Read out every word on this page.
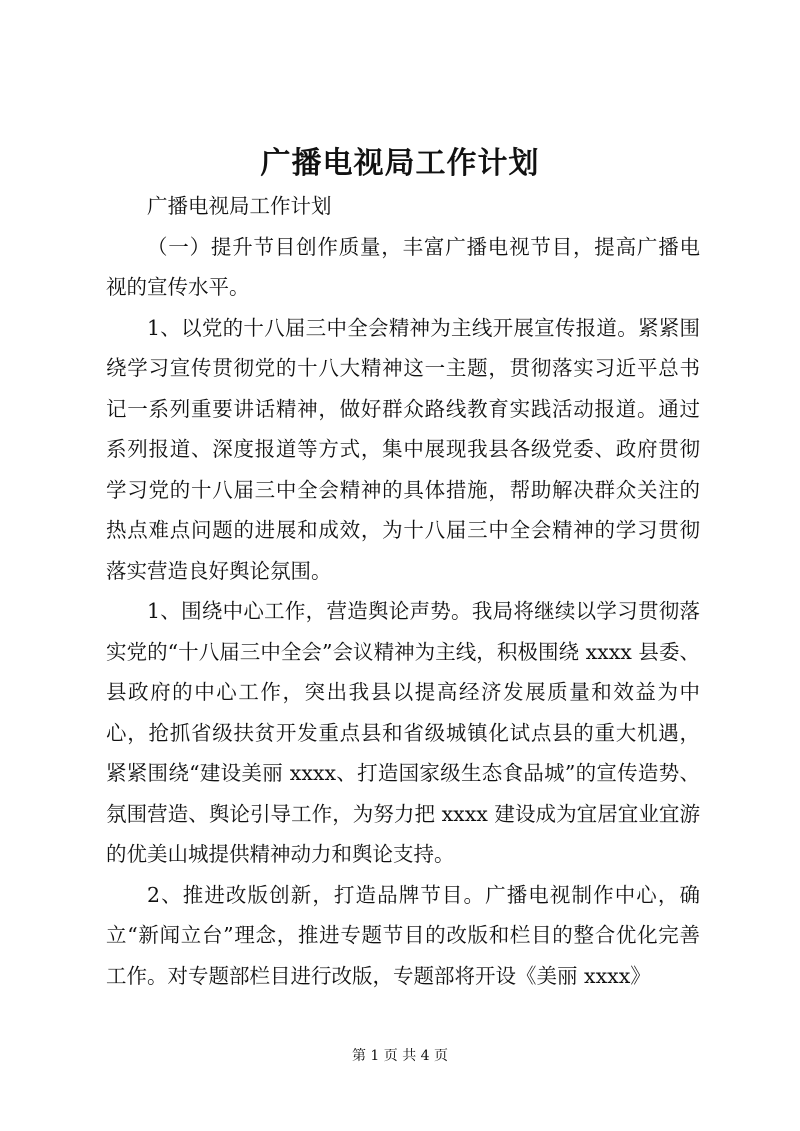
广播电视局工作计划

广播电视局工作计划

（一）提升节目创作质量，丰富广播电视节目，提高广播电视的宣传水平。

1、以党的十八届三中全会精神为主线开展宣传报道。紧紧围绕学习宣传贯彻党的十八大精神这一主题，贯彻落实习近平总书记一系列重要讲话精神，做好群众路线教育实践活动报道。通过系列报道、深度报道等方式，集中展现我县各级党委、政府贯彻学习党的十八届三中全会精神的具体措施，帮助解决群众关注的热点难点问题的进展和成效，为十八届三中全会精神的学习贯彻落实营造良好舆论氛围。

1、围绕中心工作，营造舆论声势。我局将继续以学习贯彻落实党的“十八届三中全会”会议精神为主线，积极围绕 xxxx 县委、县政府的中心工作，突出我县以提高经济发展质量和效益为中心，抢抓省级扶贫开发重点县和省级城镇化试点县的重大机遇，紧紧围绕“建设美丽 xxxx、打造国家级生态食品城”的宣传造势、氛围营造、舆论引导工作，为努力把 xxxx 建设成为宜居宜业宜游的优美山城提供精神动力和舆论支持。

2、推进改版创新，打造品牌节目。广播电视制作中心，确立“新闻立台”理念，推进专题节目的改版和栏目的整合优化完善工作。对专题部栏目进行改版，专题部将开设《美丽 xxxx》

第 1 页 共 4 页
